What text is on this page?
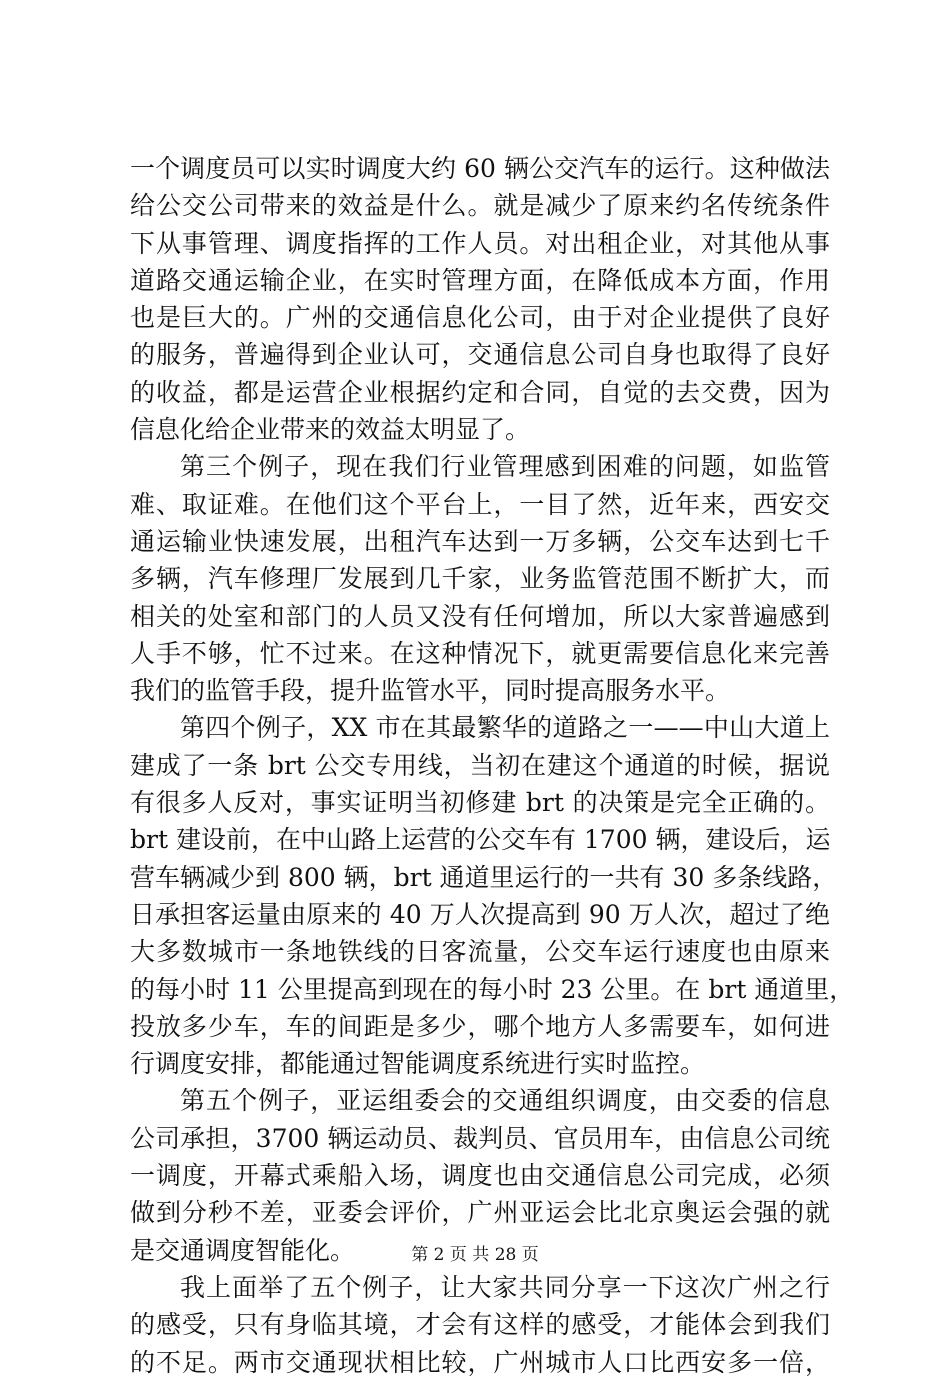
一个调度员可以实时调度大约 60 辆公交汽车的运行。这种做法
给公交公司带来的效益是什么。就是减少了原来约名传统条件
下从事管理、调度指挥的工作人员。对出租企业，对其他从事
道路交通运输企业，在实时管理方面，在降低成本方面，作用
也是巨大的。广州的交通信息化公司，由于对企业提供了良好
的服务，普遍得到企业认可，交通信息公司自身也取得了良好
的收益，都是运营企业根据约定和合同，自觉的去交费，因为
信息化给企业带来的效益太明显了。
第三个例子，现在我们行业管理感到困难的问题，如监管
难、取证难。在他们这个平台上，一目了然，近年来，西安交
通运输业快速发展，出租汽车达到一万多辆，公交车达到七千
多辆，汽车修理厂发展到几千家，业务监管范围不断扩大，而
相关的处室和部门的人员又没有任何增加，所以大家普遍感到
人手不够，忙不过来。在这种情况下，就更需要信息化来完善
我们的监管手段，提升监管水平，同时提高服务水平。
第四个例子，XX 市在其最繁华的道路之一——中山大道上
建成了一条 brt 公交专用线，当初在建这个通道的时候，据说
有很多人反对，事实证明当初修建 brt 的决策是完全正确的。
brt 建设前，在中山路上运营的公交车有 1700 辆，建设后，运
营车辆减少到 800 辆，brt 通道里运行的一共有 30 多条线路，
日承担客运量由原来的 40 万人次提高到 90 万人次，超过了绝
大多数城市一条地铁线的日客流量，公交车运行速度也由原来
的每小时 11 公里提高到现在的每小时 23 公里。在 brt 通道里，
投放多少车，车的间距是多少，哪个地方人多需要车，如何进
行调度安排，都能通过智能调度系统进行实时监控。
第五个例子，亚运组委会的交通组织调度，由交委的信息
公司承担，3700 辆运动员、裁判员、官员用车，由信息公司统
一调度，开幕式乘船入场，调度也由交通信息公司完成，必须
做到分秒不差，亚委会评价，广州亚运会比北京奥运会强的就
是交通调度智能化。
我上面举了五个例子，让大家共同分享一下这次广州之行
的感受，只有身临其境，才会有这样的感受，才能体会到我们
的不足。两市交通现状相比较，广州城市人口比西安多一倍，
第 2 页 共 28 页
